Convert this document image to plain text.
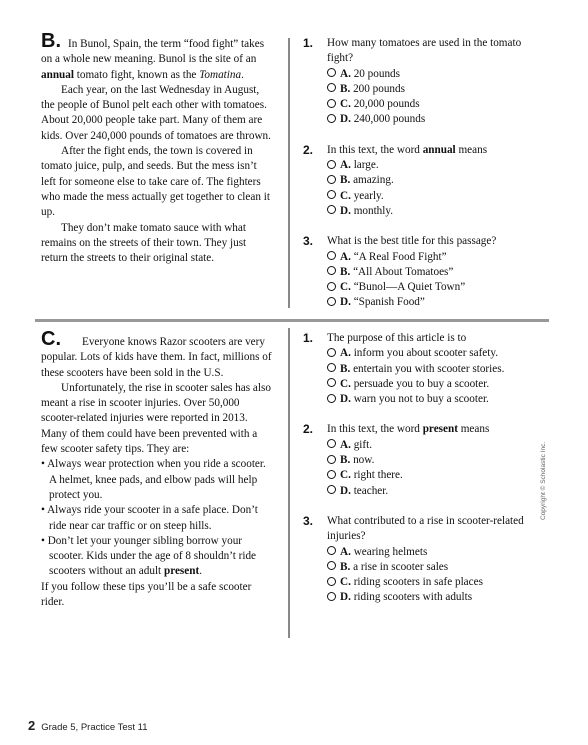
B. In Bunol, Spain, the term “food fight” takes on a whole new meaning. Bunol is the site of an annual tomato fight, known as the Tomatina.

Each year, on the last Wednesday in August, the people of Bunol pelt each other with tomatoes. About 20,000 people take part. Many of them are kids. Over 240,000 pounds of tomatoes are thrown.

After the fight ends, the town is covered in tomato juice, pulp, and seeds. But the mess isn’t left for someone else to take care of. The fighters who made the mess actually get together to clean it up.

They don’t make tomato sauce with what remains on the streets of their town. They just return the streets to their original state.

1.	How many tomatoes are used in the tomato fight?
A. 20 pounds
B. 200 pounds
C. 20,000 pounds
D. 240,000 pounds
2.	In this text, the word annual means
A. large.
B. amazing.
C. yearly.
D. monthly.
3.	What is the best title for this passage?
A. “A Real Food Fight”
B. “All About Tomatoes”
C. “Bunol—A Quiet Town”
D. “Spanish Food”

C. Everyone knows Razor scooters are very popular. Lots of kids have them. In fact, millions of these scooters have been sold in the U.S.

Unfortunately, the rise in scooter sales has also meant a rise in scooter injuries. Over 50,000 scooter-related injuries were reported in 2013. Many of them could have been prevented with a few scooter safety tips. They are:

• Always wear protection when you ride a scooter. A helmet, knee pads, and elbow pads will help protect you.

• Always ride your scooter in a safe place. Don’t ride near car traffic or on steep hills.

• Don’t let your younger sibling borrow your scooter. Kids under the age of 8 shouldn’t ride scooters without an adult present.

If you follow these tips you’ll be a safe scooter rider.

1.	The purpose of this article is to
A. inform you about scooter safety.
B. entertain you with scooter stories.
C. persuade you to buy a scooter.
D. warn you not to buy a scooter.
2.	In this text, the word present means
A. gift.
B. now.
C. right there.
D. teacher.
3.	What contributed to a rise in scooter-related injuries?
A. wearing helmets
B. a rise in scooter sales
C. riding scooters in safe places
D. riding scooters with adults
Copyright © Scholastic Inc.
2 Grade 5, Practice Test 11
